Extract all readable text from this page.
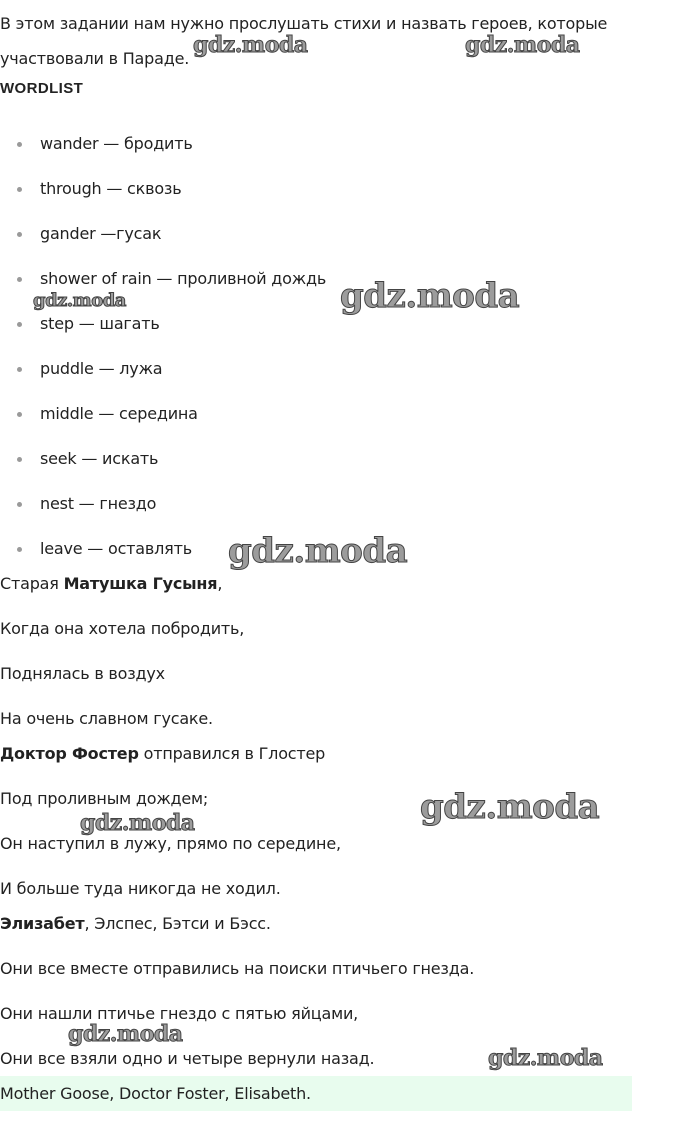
В этом задании нам нужно прослушать стихи и назвать героев, которые участвовали в Параде.
WORDLIST
wander — бродить
through — сквозь
gander —гусак
shower of rain — проливной дождь
step — шагать
puddle — лужа
middle — середина
seek — искать
nest — гнездо
leave — оставлять
Старая Матушка Гусыня,
Когда она хотела побродить,
Поднялась в воздух
На очень славном гусаке.
Доктор Фостер отправился в Глостер
Под проливным дождем;
Он наступил в лужу, прямо по середине,
И больше туда никогда не ходил.
Элизабет, Элспес, Бэтси и Бэсс.
Они все вместе отправились на поиски птичьего гнезда.
Они нашли птичье гнездо с пятью яйцами,
Они все взяли одно и четыре вернули назад.
Mother Goose, Doctor Foster, Elisabeth.
gdz.moda	gdz.moda
gdz.moda
gdz.moda
gdz.moda
gdz.moda
gdz.moda
gdz.moda
gdz.moda
